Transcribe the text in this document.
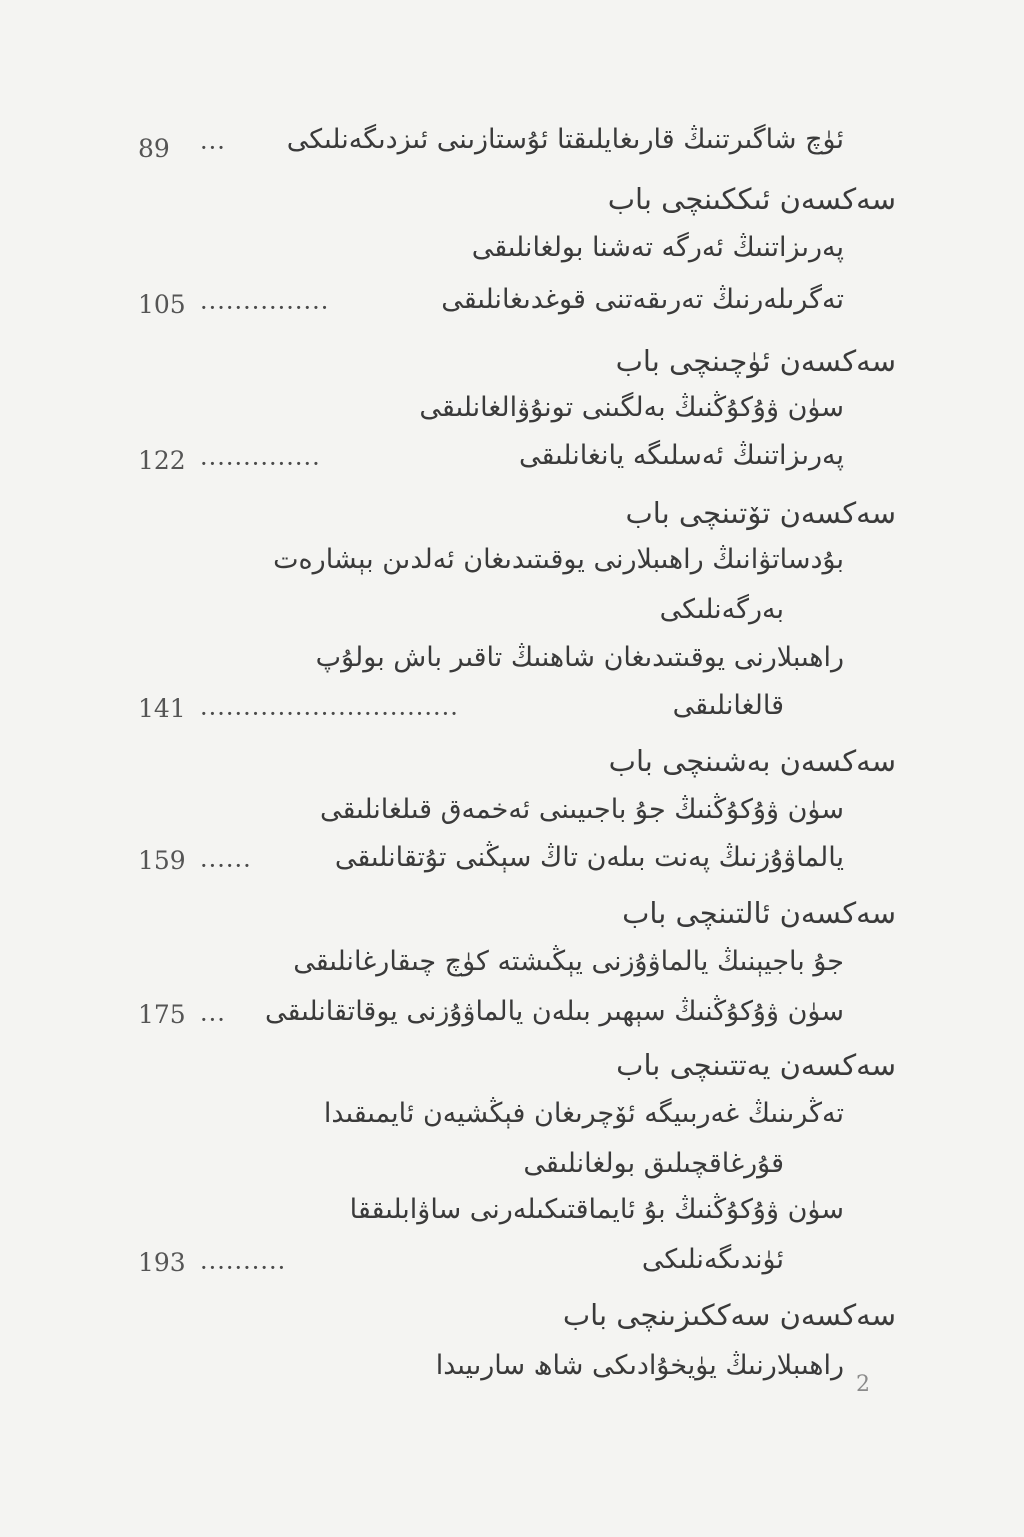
ئۈچ شاگىرتنىڭ قارىغايلىقتا ئۇستازىنى ئىزدىگەنلىكى
···
89
سەكسەن ئىككىنچى باب
پەرىزاتنىڭ ئەرگە تەشنا بولغانلىقى
تەگرىلەرنىڭ تەرىقەتنى قوغدىغانلىقى
···············
105
سەكسەن ئۈچىنچى باب
سۈن ۋۇكۇڭنىڭ بەلگىنى تونۇۋالغانلىقى
پەرىزاتنىڭ ئەسلىگە يانغانلىقى
··············
122
سەكسەن تۆتىنچى باب
بۇدساتۋانىڭ راھىبلارنى يوقىتىدىغان ئەلدىن بېشارەت
بەرگەنلىكى
راھىبلارنى يوقىتىدىغان شاھنىڭ تاقىر باش بولۇپ
قالغانلىقى
······························
141
سەكسەن بەشىنچى باب
سۈن ۋۇكۇڭنىڭ جۇ باجىيىنى ئەخمەق قىلغانلىقى
يالماۋۇزنىڭ پەنت بىلەن تاڭ سېڭنى تۇتقانلىقى
······
159
سەكسەن ئالتىنچى باب
جۇ باجيېنىڭ يالماۋۇزنى يېڭىشتە كۈچ چىقارغانلىقى
سۈن ۋۇكۇڭنىڭ سېھىر بىلەن يالماۋۇزنى يوقاتقانلىقى
···
175
سەكسەن يەتتىنچى باب
تەڭرىنىڭ غەربىيگە ئۆچرىغان فېڭشيەن ئايمىقىدا
قۇرغاقچىلىق بولغانلىقى
سۈن ۋۇكۇڭنىڭ بۇ ئايماقتىكىلەرنى ساۋابلىققا
ئۈندىگەنلىكى
··········
193
سەكسەن سەككىزىنچى باب
راھىبلارنىڭ يۈيخۇادىكى شاھ سارىيىدا
2
